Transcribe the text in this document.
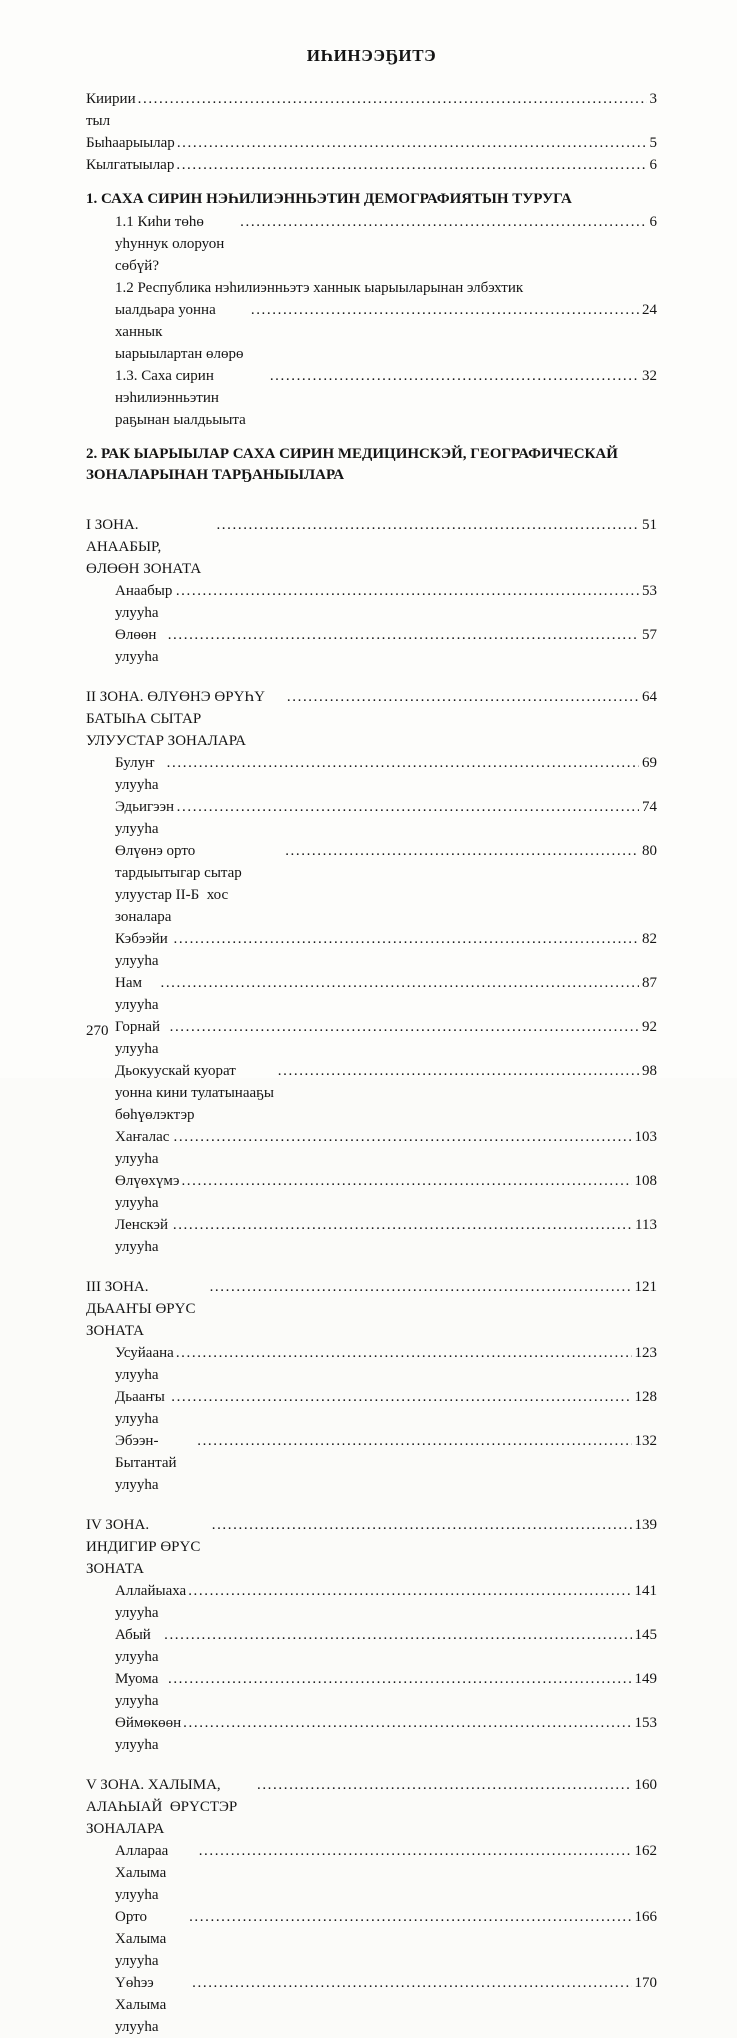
ИҺИНЭЭҔИТЭ
Киирии тыл
.....
3
Быһаарыылар .....	5
Кылгатыылар .....	6
1. САХА СИРИН НЭҺИЛИЭННЬЭТИН ДЕМОГРАФИЯТЫН ТУРУГА
1.1 Киһи төһө уһуннук олоруон сөбүй?
.....
6
1.2 Республика нэһилиэнньэтэ ханнык ыарыыларынан элбэхтик
ыалдьара уонна ханнык ыарыылартан өлөрө
.....
24
1.3. Саха сирин нэһилиэнньэтин раҕынан ыалдьыыта
.....
32
2. РАК ЫАРЫЫЛАР САХА СИРИН МЕДИЦИНСКЭЙ, ГЕОГРАФИЧЕСКАЙ ЗОНАЛАРЫНАН ТАРҔАНЫЫЛАРА
I ЗОНА. АНААБЫР, ӨЛӨӨН ЗОНАТА
.....
51
Анаабыр улууһа
.....
53
Өлөөн улууһа
.....
57
II ЗОНА. ӨЛҮӨНЭ ӨРҮҺҮ БАТЫҺА СЫТАР  УЛУУСТАР ЗОНАЛАРА
.....
64
Булуҥ улууһа
.....
69
Эдьигээн улууһа
.....
74
Өлүөнэ орто тардыытыгар сытар  улуустар II-Б  хос зоналара
.....
80
Кэбээйи улууһа
.....
82
Нам улууһа
.....
87
Горнай улууһа
.....
92
Дьокуускай куорат уонна кини тулатынааҕы бөһүөлэктэр
.....
98
Хаҥалас улууһа
.....
103
Өлүөхүмэ улууһа
.....
108
Ленскэй улууһа
.....
113
III ЗОНА. ДЬААҤЫ ӨРҮС ЗОНАТА
.....
121
Усуйаана улууһа
.....
123
Дьааҥы улууһа
.....
128
Эбээн-Бытантай улууһа
.....
132
IV ЗОНА. ИНДИГИР ӨРҮС ЗОНАТА
.....
139
Аллайыаха улууһа
.....
141
Абый улууһа
.....
145
Муома улууһа
.....
149
Өймөкөөн улууһа
.....
153
V ЗОНА. ХАЛЫМА, АЛАҺЫАЙ  ӨРҮСТЭР ЗОНАЛАРА
.....
160
Аллараа Халыма улууһа
.....
162
Орто Халыма улууһа
.....
166
Үөһээ Халыма улууһа
.....
170
270
